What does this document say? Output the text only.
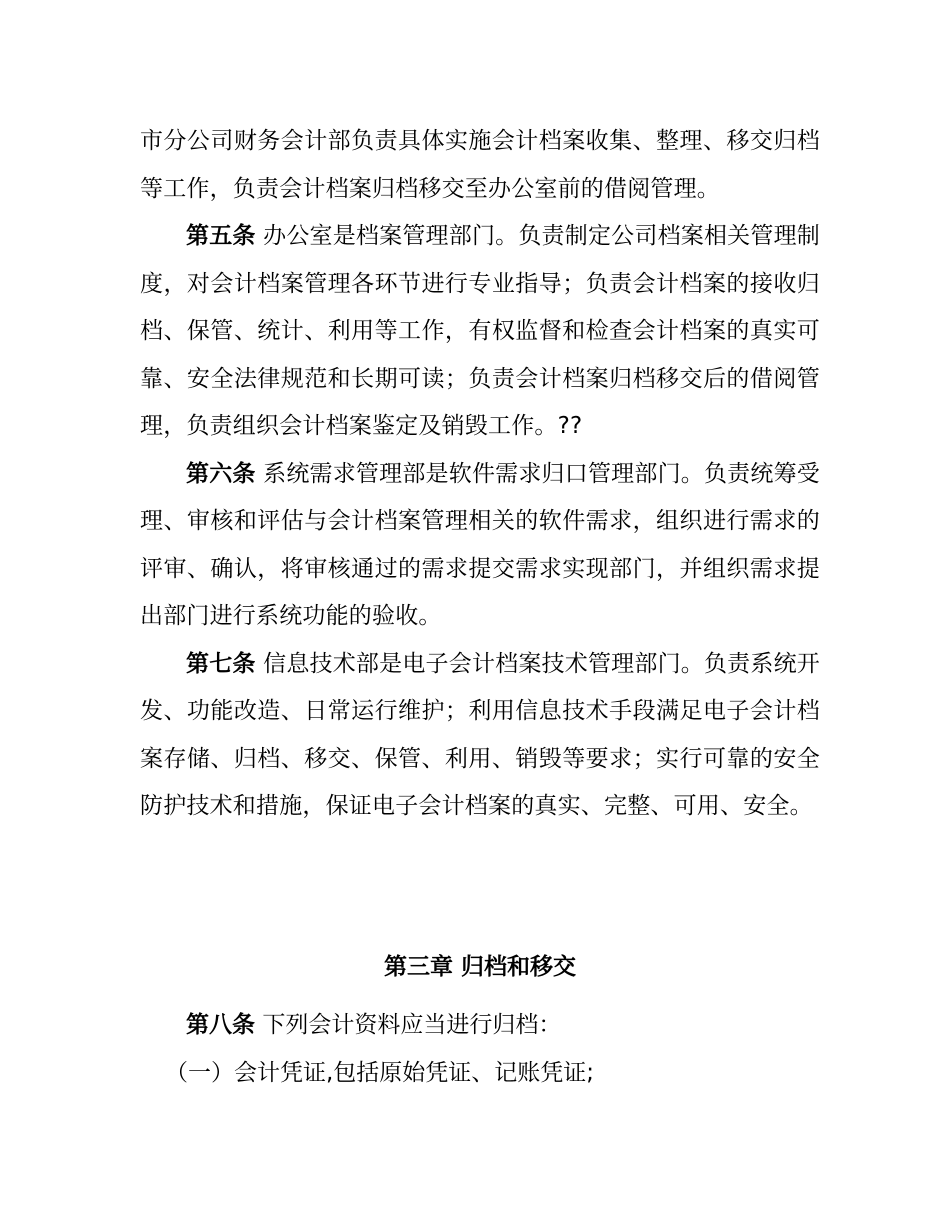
市分公司财务会计部负责具体实施会计档案收集、整理、移交归档等工作，负责会计档案归档移交至办公室前的借阅管理。

第五条 办公室是档案管理部门。负责制定公司档案相关管理制度，对会计档案管理各环节进行专业指导；负责会计档案的接收归档、保管、统计、利用等工作，有权监督和检查会计档案的真实可靠、安全法律规范和长期可读；负责会计档案归档移交后的借阅管理，负责组织会计档案鉴定及销毁工作。??

第六条 系统需求管理部是软件需求归口管理部门。负责统筹受理、审核和评估与会计档案管理相关的软件需求，组织进行需求的评审、确认，将审核通过的需求提交需求实现部门，并组织需求提出部门进行系统功能的验收。

第七条 信息技术部是电子会计档案技术管理部门。负责系统开发、功能改造、日常运行维护；利用信息技术手段满足电子会计档案存储、归档、移交、保管、利用、销毁等要求；实行可靠的安全防护技术和措施，保证电子会计档案的真实、完整、可用、安全。

第三章 归档和移交

第八条 下列会计资料应当进行归档：

（一）会计凭证,包括原始凭证、记账凭证;
